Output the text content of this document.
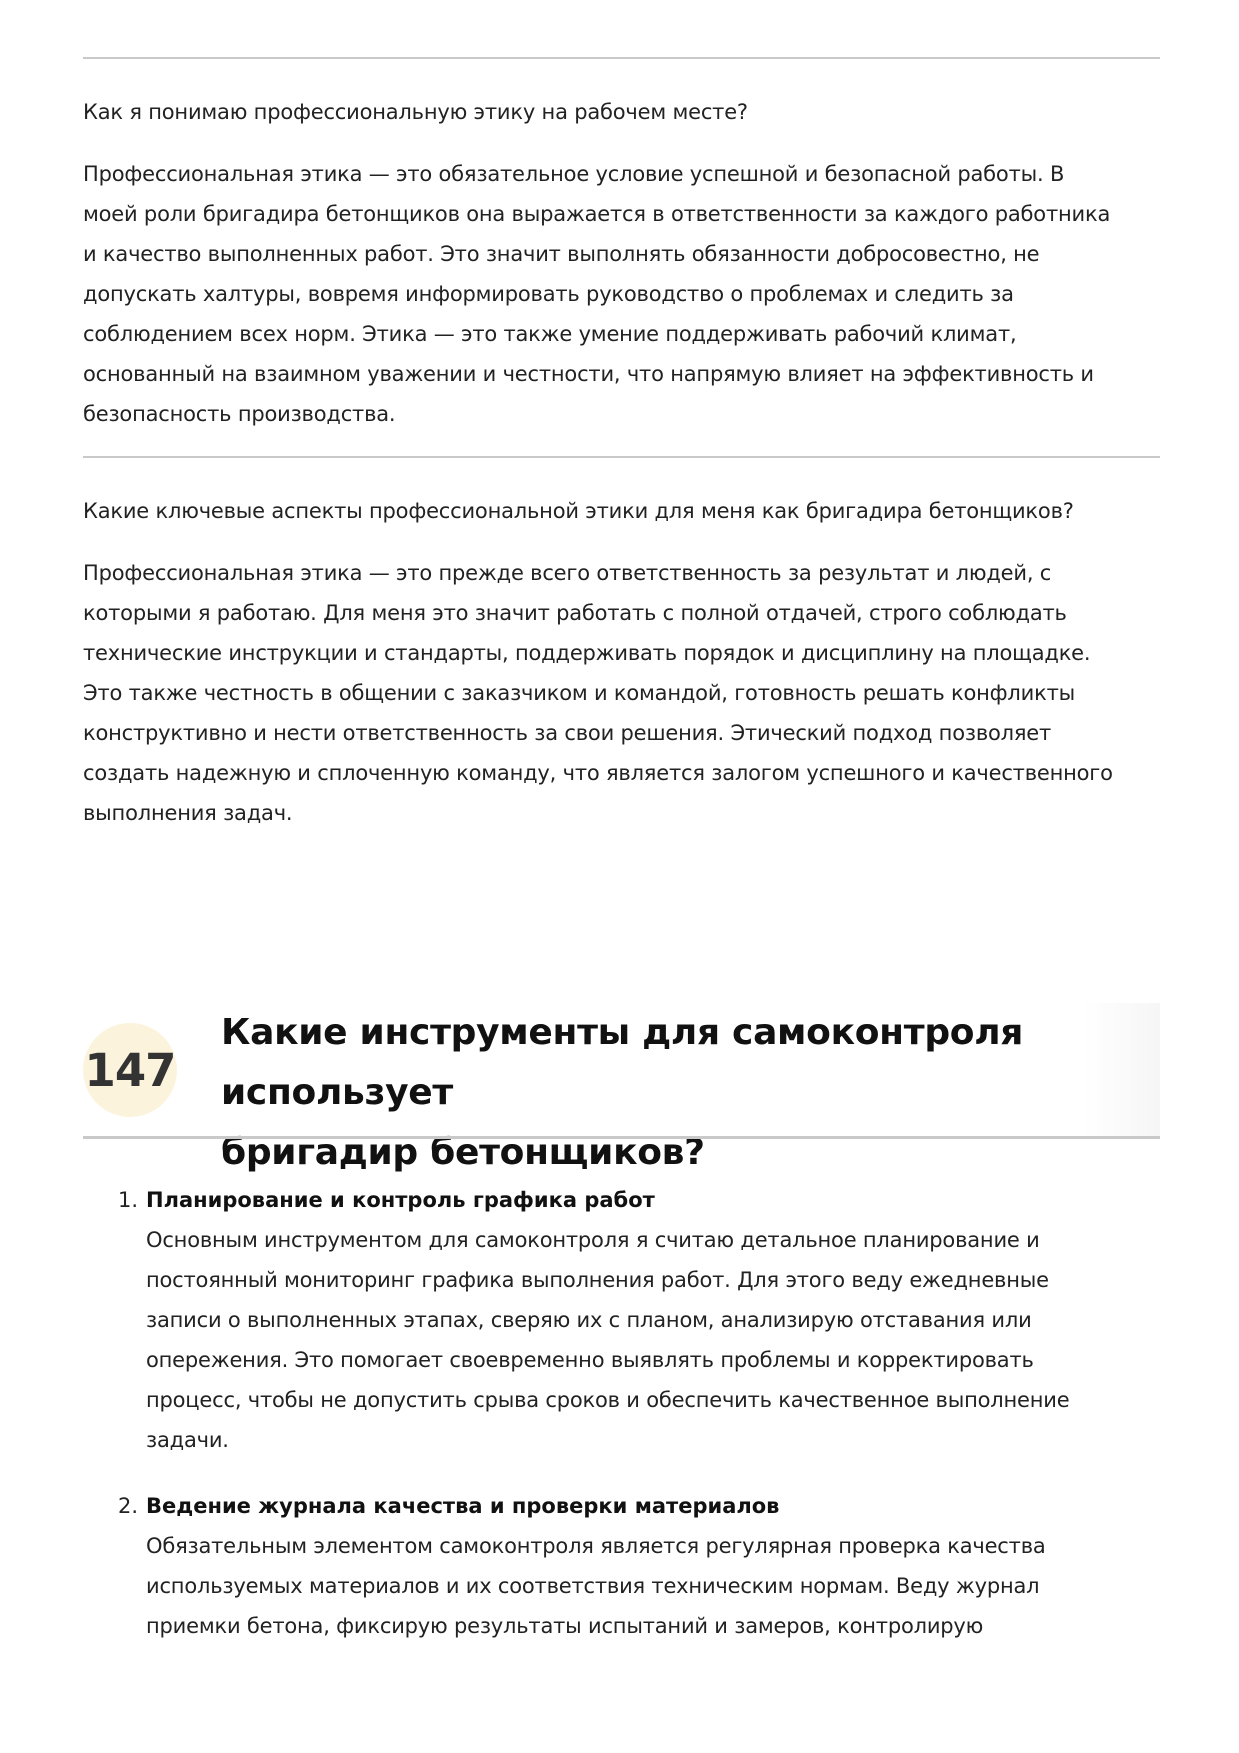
Как я понимаю профессиональную этику на рабочем месте?

Профессиональная этика — это обязательное условие успешной и безопасной работы. В
моей роли бригадира бетонщиков она выражается в ответственности за каждого работника
и качество выполненных работ. Это значит выполнять обязанности добросовестно, не
допускать халтуры, вовремя информировать руководство о проблемах и следить за
соблюдением всех норм. Этика — это также умение поддерживать рабочий климат,
основанный на взаимном уважении и честности, что напрямую влияет на эффективность и
безопасность производства.

Какие ключевые аспекты профессиональной этики для меня как бригадира бетонщиков?

Профессиональная этика — это прежде всего ответственность за результат и людей, с
которыми я работаю. Для меня это значит работать с полной отдачей, строго соблюдать
технические инструкции и стандарты, поддерживать порядок и дисциплину на площадке.
Это также честность в общении с заказчиком и командой, готовность решать конфликты
конструктивно и нести ответственность за свои решения. Этический подход позволяет
создать надежную и сплоченную команду, что является залогом успешного и качественного
выполнения задач.

147
Какие инструменты для самоконтроля использует
бригадир бетонщиков?
1. Планирование и контроль графика работ
Основным инструментом для самоконтроля я считаю детальное планирование и
постоянный мониторинг графика выполнения работ. Для этого веду ежедневные
записи о выполненных этапах, сверяю их с планом, анализирую отставания или
опережения. Это помогает своевременно выявлять проблемы и корректировать
процесс, чтобы не допустить срыва сроков и обеспечить качественное выполнение
задачи.
2. Ведение журнала качества и проверки материалов
Обязательным элементом самоконтроля является регулярная проверка качества
используемых материалов и их соответствия техническим нормам. Веду журнал
приемки бетона, фиксирую результаты испытаний и замеров, контролирую
